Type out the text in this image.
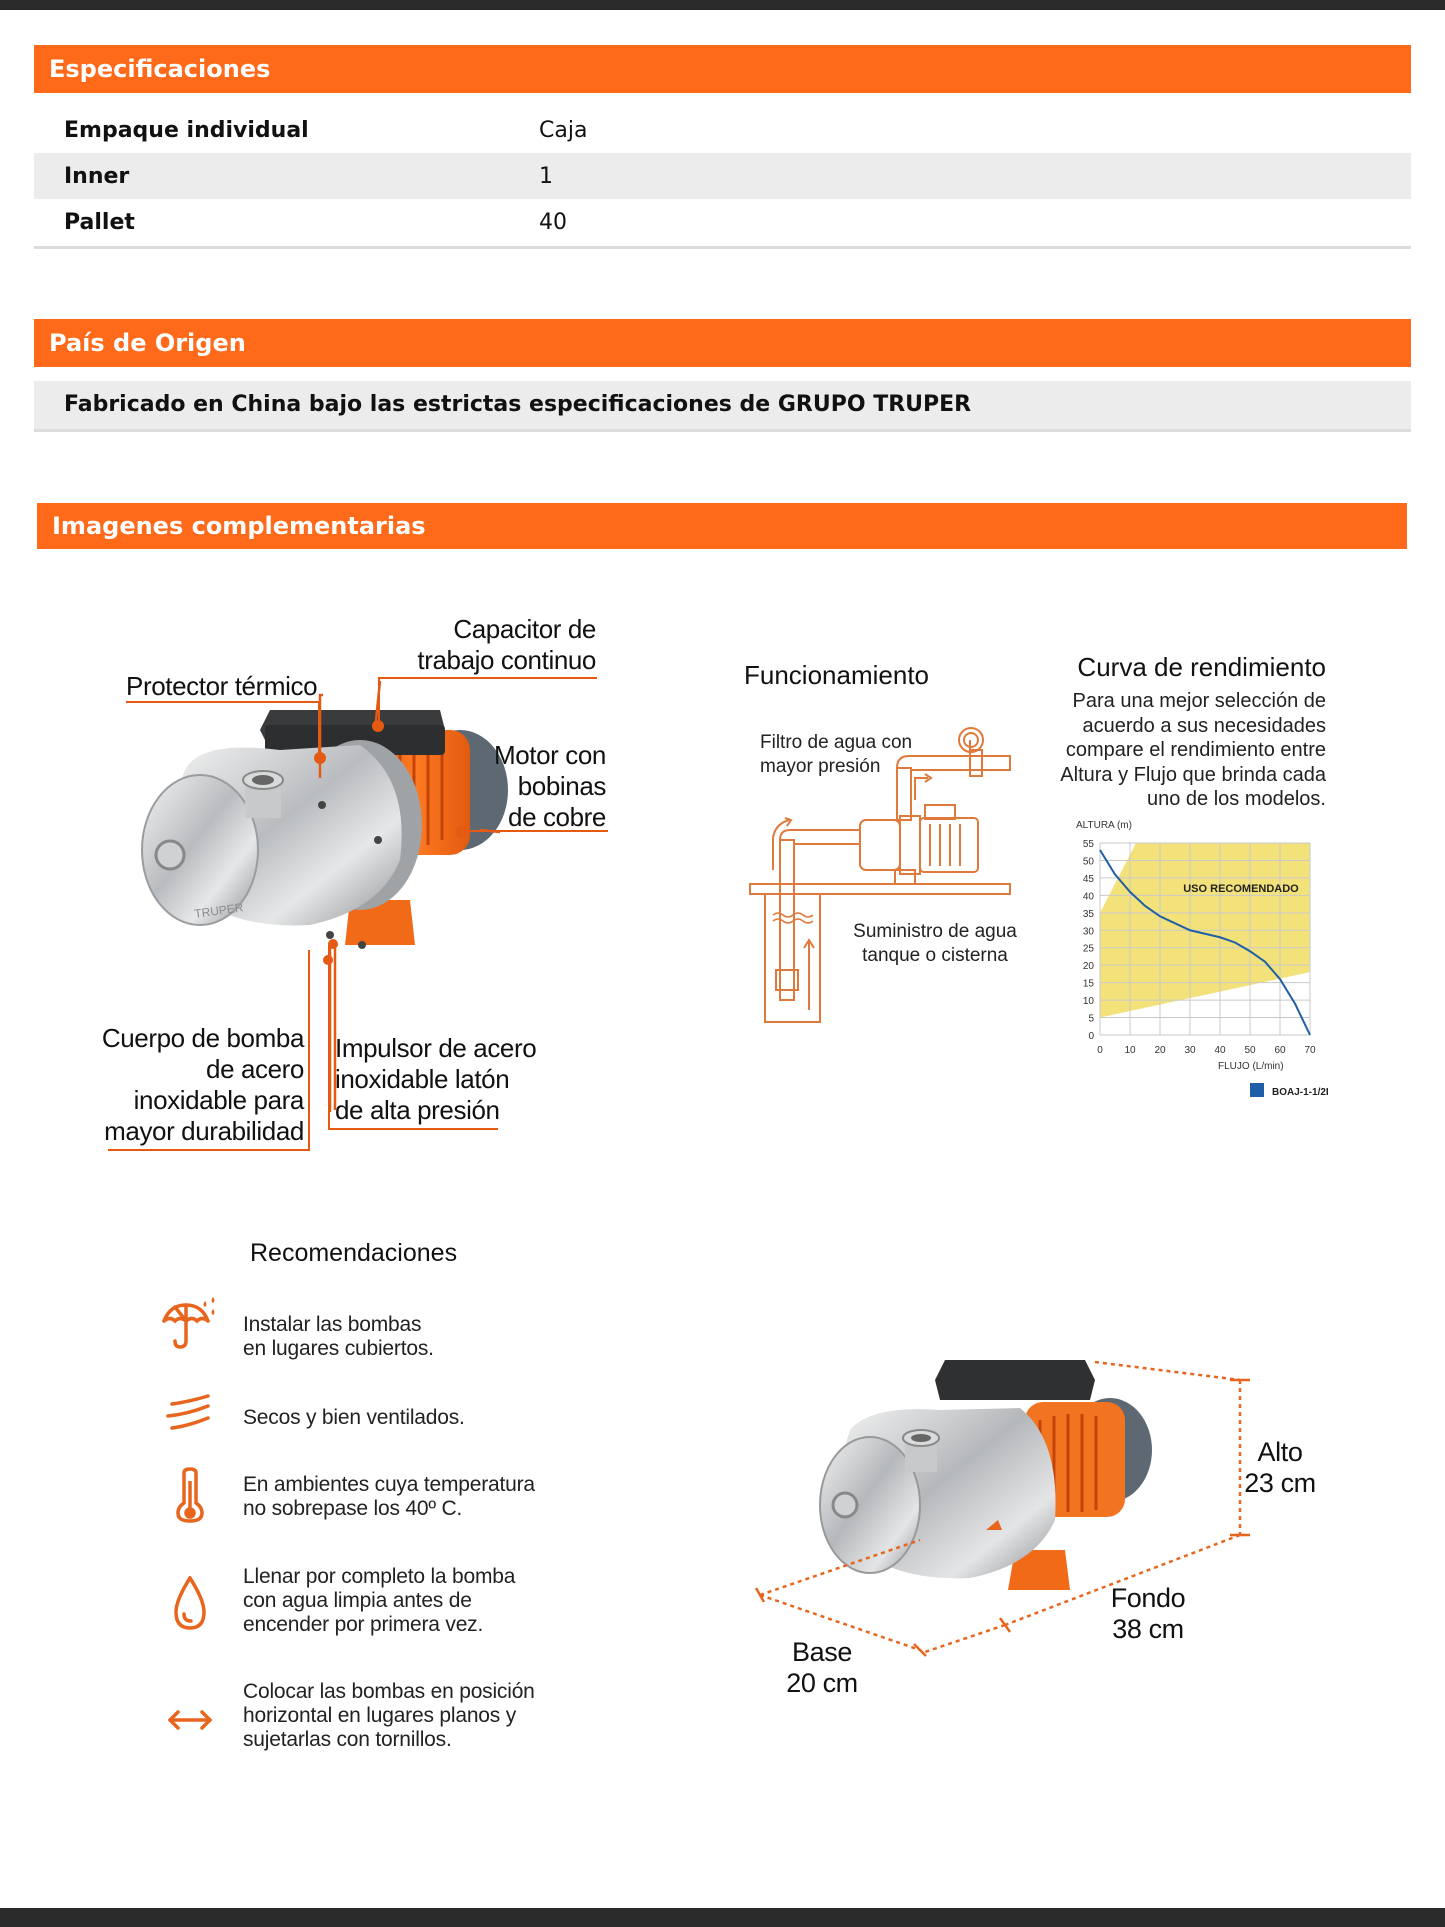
Especificaciones
Empaque individual	Caja
Inner	1
Pallet	40
País de Origen
Fabricado en China bajo las estrictas especificaciones de GRUPO TRUPER
Imagenes complementarias
TRUPER
Capacitor de
trabajo continuo
Protector térmico
Motor con
bobinas
de cobre
Cuerpo de bomba
de acero
inoxidable para
mayor durabilidad
Impulsor de acero
inoxidable latón
de alta presión
Funcionamiento
Filtro de agua con
mayor presión
Suministro de agua
tanque o cisterna
Curva de rendimiento
Para una mejor selección de
acuerdo a sus necesidades
compare el rendimiento entre
Altura y Flujo que brinda cada
uno de los modelos.
0
5
10
15
20
25
30
35
40
45
50
55
0 10 20 30 40 50 60 70
ALTURA (m)
FLUJO (L/min)
USO RECOMENDADO
BOAJ-1-1/2I
Recomendaciones
Instalar las bombas
en lugares cubiertos.
Secos y bien ventilados.
En ambientes cuya temperatura
no sobrepase los 40º C.
Llenar por completo la bomba
con agua limpia antes de
encender por primera vez.
Colocar las bombas en posición
horizontal en lugares planos y
sujetarlas con tornillos.
Alto
23 cm
Fondo
38 cm
Base
20 cm
